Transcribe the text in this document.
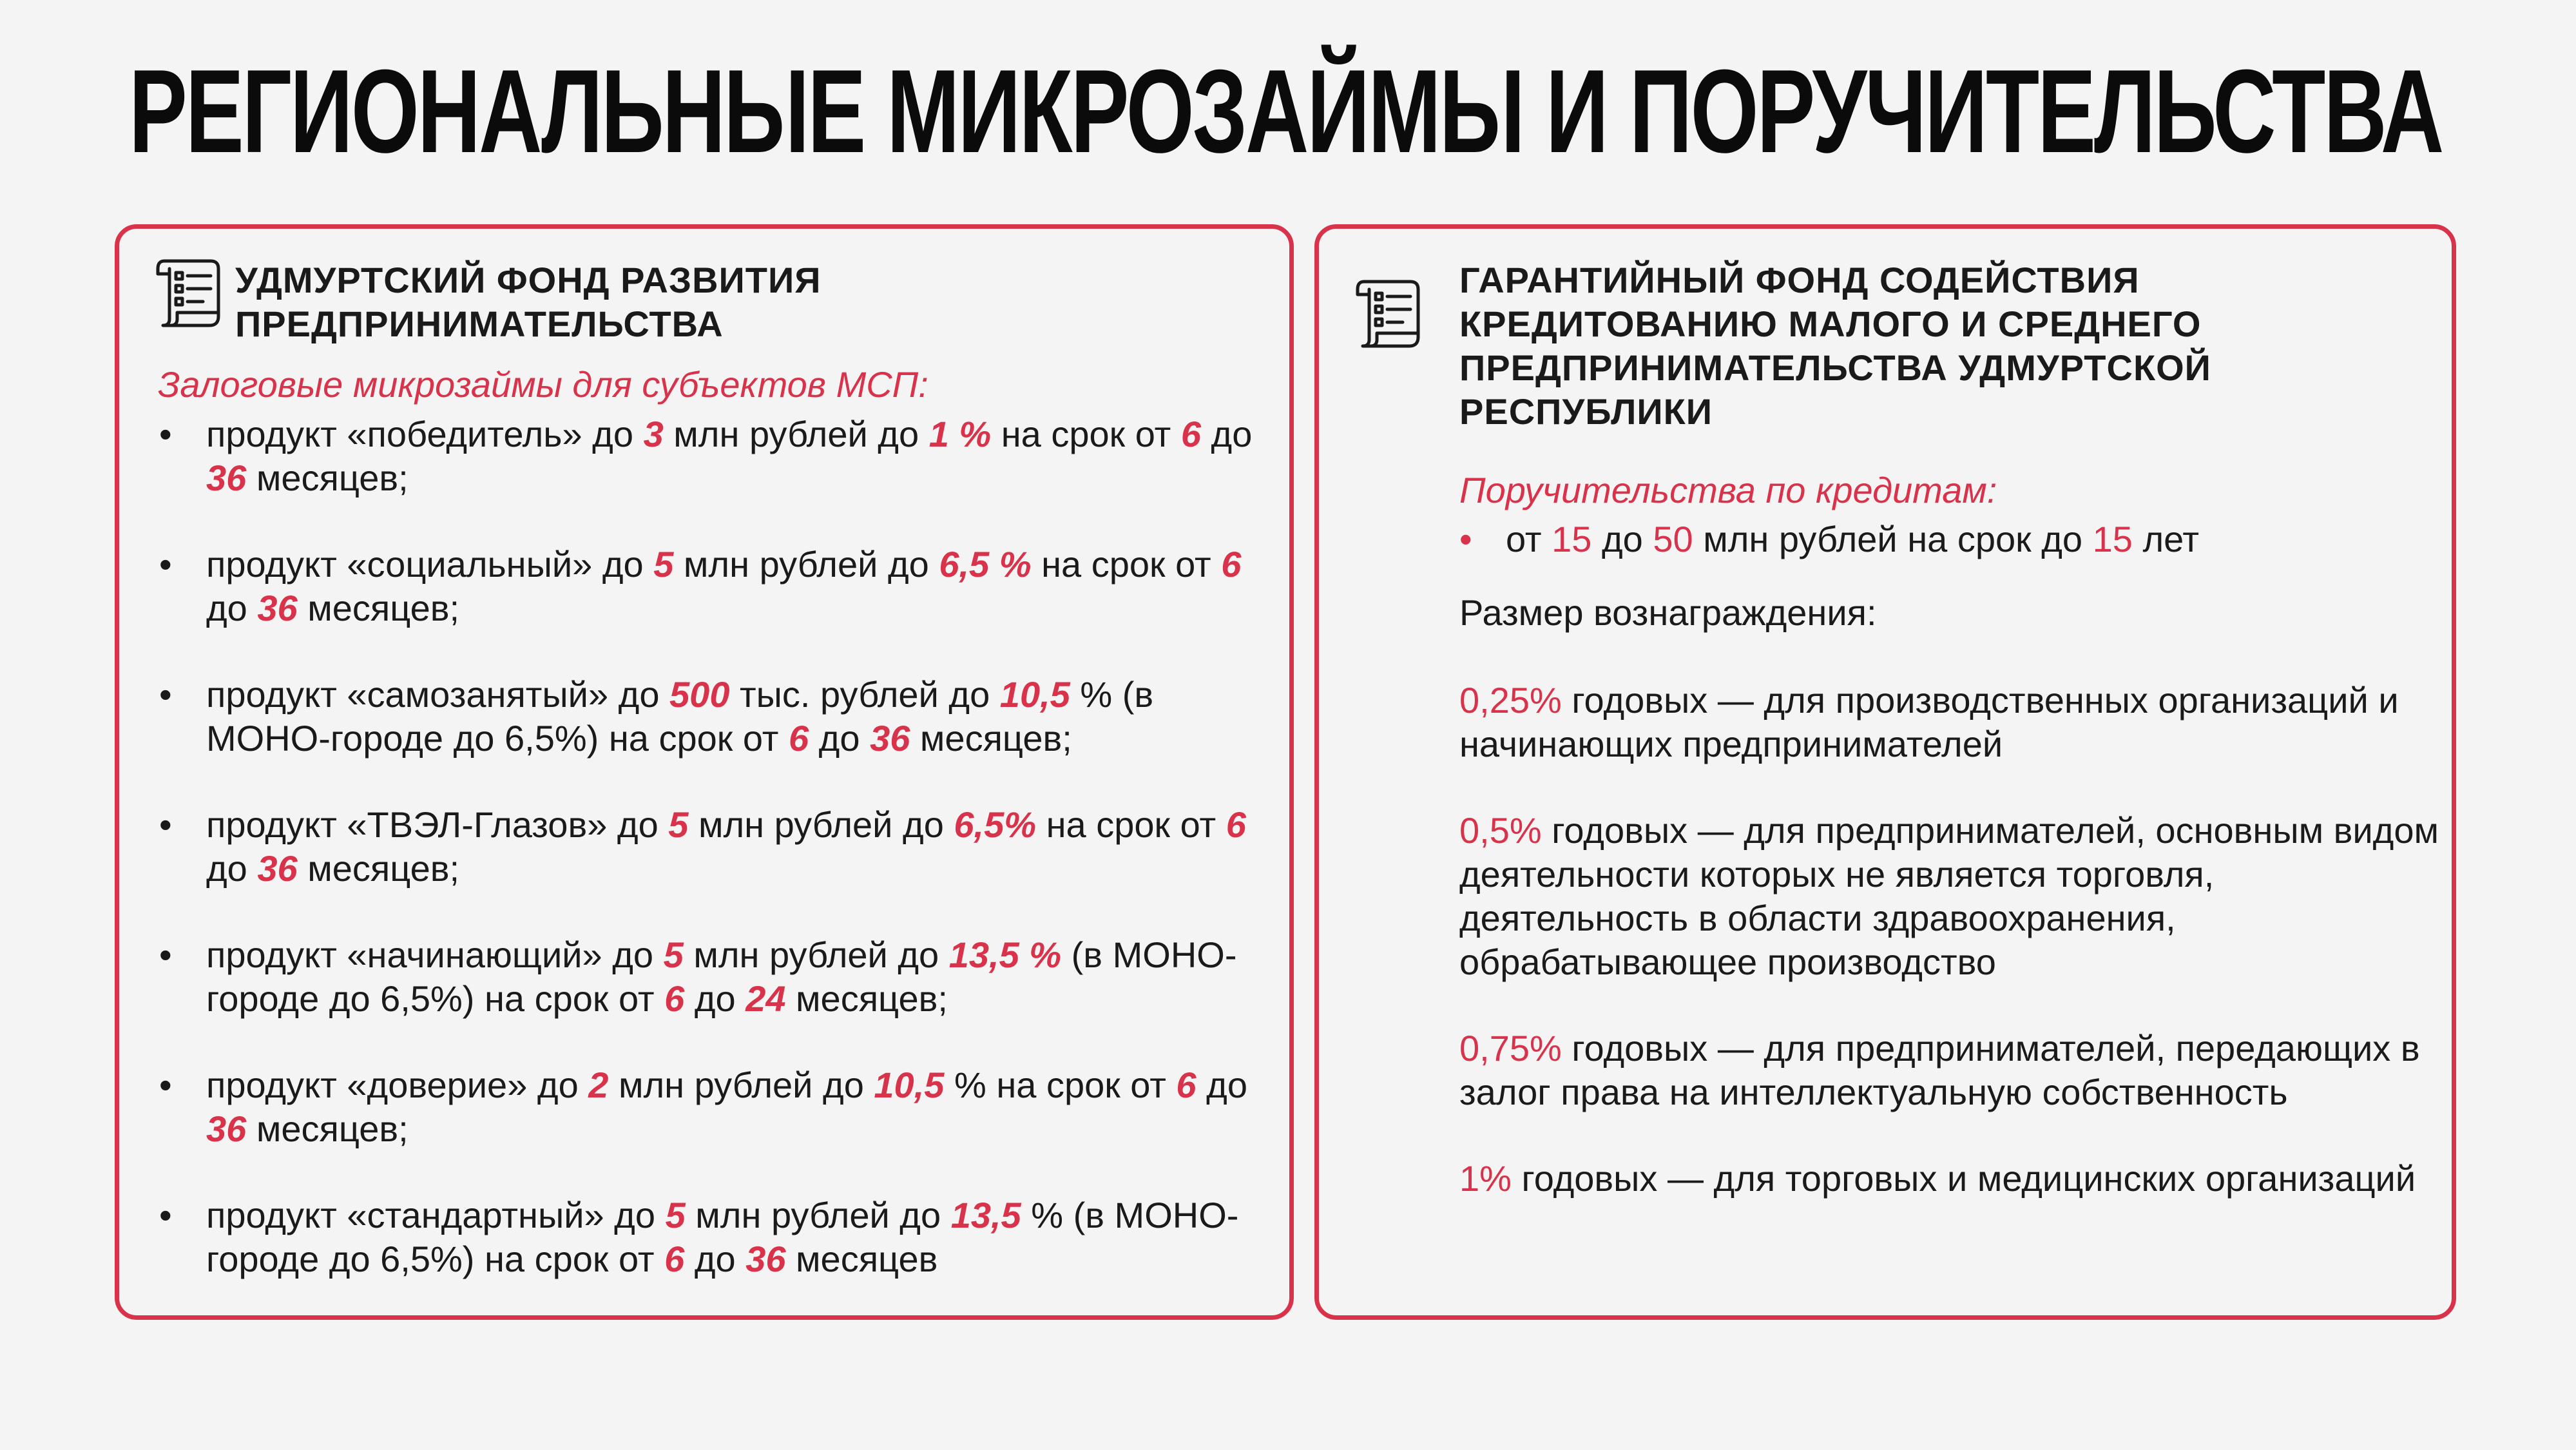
РЕГИОНАЛЬНЫЕ МИКРОЗАЙМЫ И ПОРУЧИТЕЛЬСТВА
УДМУРТСКИЙ ФОНД РАЗВИТИЯ ПРЕДПРИНИМАТЕЛЬСТВА

Залоговые микрозаймы для субъектов МСП:

• продукт «победитель» до 3 млн рублей до 1 % на срок от 6 до 36 месяцев;
• продукт «социальный» до 5 млн рублей до 6,5 % на срок от 6 до 36 месяцев;
• продукт «самозанятый» до 500 тыс. рублей до 10,5 % (в МОНО-городе до 6,5%) на срок от 6 до 36 месяцев;
• продукт «ТВЭЛ-Глазов» до 5 млн рублей до 6,5% на срок от 6 до 36 месяцев;
• продукт «начинающий» до 5 млн рублей до 13,5 % (в МОНО-городе до 6,5%) на срок от 6 до 24 месяцев;
• продукт «доверие» до 2 млн рублей до 10,5 % на срок от 6 до 36 месяцев;
• продукт «стандартный» до 5 млн рублей до 13,5 % (в МОНО-городе до 6,5%) на срок от 6 до 36 месяцев
ГАРАНТИЙНЫЙ ФОНД СОДЕЙСТВИЯ КРЕДИТОВАНИЮ МАЛОГО И СРЕДНЕГО ПРЕДПРИНИМАТЕЛЬСТВА УДМУРТСКОЙ РЕСПУБЛИКИ

Поручительства по кредитам:

• от 15 до 50 млн рублей на срок до 15 лет

Размер вознаграждения:

0,25% годовых — для производственных организаций и начинающих предпринимателей

0,5% годовых — для предпринимателей, основным видом деятельности которых не является торговля, деятельность в области здравоохранения, обрабатывающее производство

0,75% годовых — для предпринимателей, передающих в залог права на интеллектуальную собственность

1% годовых — для торговых и медицинских организаций
